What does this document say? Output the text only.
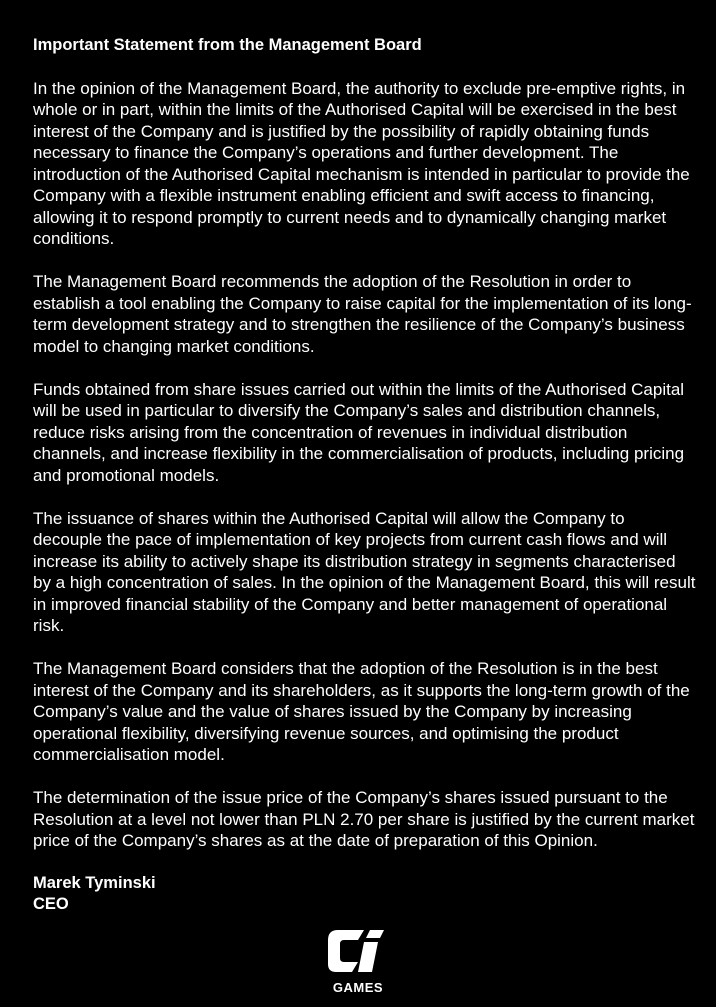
Important Statement from the Management Board
In the opinion of the Management Board, the authority to exclude pre-emptive rights, in whole or in part, within the limits of the Authorised Capital will be exercised in the best interest of the Company and is justified by the possibility of rapidly obtaining funds necessary to finance the Company’s operations and further development. The introduction of the Authorised Capital mechanism is intended in particular to provide the Company with a flexible instrument enabling efficient and swift access to financing, allowing it to respond promptly to current needs and to dynamically changing market conditions.
The Management Board recommends the adoption of the Resolution in order to establish a tool enabling the Company to raise capital for the implementation of its long-term development strategy and to strengthen the resilience of the Company’s business model to changing market conditions.
Funds obtained from share issues carried out within the limits of the Authorised Capital will be used in particular to diversify the Company’s sales and distribution channels, reduce risks arising from the concentration of revenues in individual distribution channels, and increase flexibility in the commercialisation of products, including pricing and promotional models.
The issuance of shares within the Authorised Capital will allow the Company to decouple the pace of implementation of key projects from current cash flows and will increase its ability to actively shape its distribution strategy in segments characterised by a high concentration of sales. In the opinion of the Management Board, this will result in improved financial stability of the Company and better management of operational risk.
The Management Board considers that the adoption of the Resolution is in the best interest of the Company and its shareholders, as it supports the long-term growth of the Company’s value and the value of shares issued by the Company by increasing operational flexibility, diversifying revenue sources, and optimising the product commercialisation model.
The determination of the issue price of the Company’s shares issued pursuant to the Resolution at a level not lower than PLN 2.70 per share is justified by the current market price of the Company’s shares as at the date of preparation of this Opinion.
Marek Tyminski
CEO
GAMES
